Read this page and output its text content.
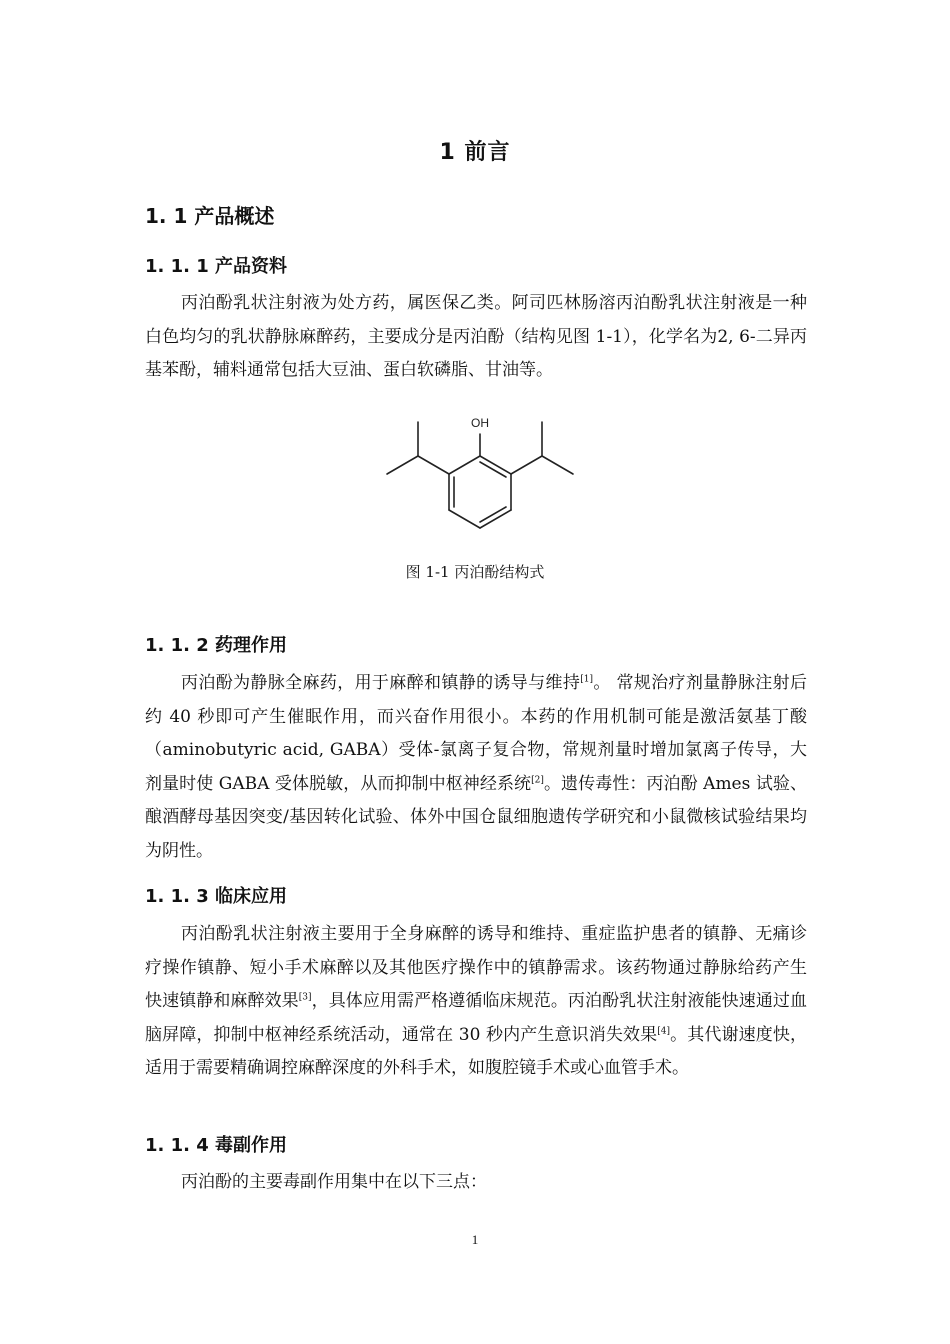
1 前言
1. 1 产品概述
1. 1. 1 产品资料
丙泊酚乳状注射液为处方药，属医保乙类。阿司匹林肠溶丙泊酚乳状注射液是一种白色均匀的乳状静脉麻醉药，主要成分是丙泊酚（结构见图 1-1），化学名为2, 6-二异丙基苯酚，辅料通常包括大豆油、蛋白软磷脂、甘油等。
OH
图 1-1 丙泊酚结构式
1. 1. 2 药理作用
丙泊酚为静脉全麻药，用于麻醉和镇静的诱导与维持[1]。 常规治疗剂量静脉注射后约 40 秒即可产生催眠作用，而兴奋作用很小。本药的作用机制可能是激活氨基丁酸（aminobutyric acid, GABA）受体-氯离子复合物，常规剂量时增加氯离子传导，大剂量时使 GABA 受体脱敏，从而抑制中枢神经系统[2]。遗传毒性：丙泊酚 Ames 试验、酿酒酵母基因突变/基因转化试验、体外中国仓鼠细胞遗传学研究和小鼠微核试验结果均为阴性。
1. 1. 3 临床应用
丙泊酚乳状注射液主要用于全身麻醉的诱导和维持、重症监护患者的镇静、无痛诊疗操作镇静、短小手术麻醉以及其他医疗操作中的镇静需求。该药物通过静脉给药产生快速镇静和麻醉效果[3]，具体应用需严格遵循临床规范。丙泊酚乳状注射液能快速通过血脑屏障，抑制中枢神经系统活动，通常在 30 秒内产生意识消失效果[4]。其代谢速度快，适用于需要精确调控麻醉深度的外科手术，如腹腔镜手术或心血管手术。
1. 1. 4 毒副作用
丙泊酚的主要毒副作用集中在以下三点：
1
